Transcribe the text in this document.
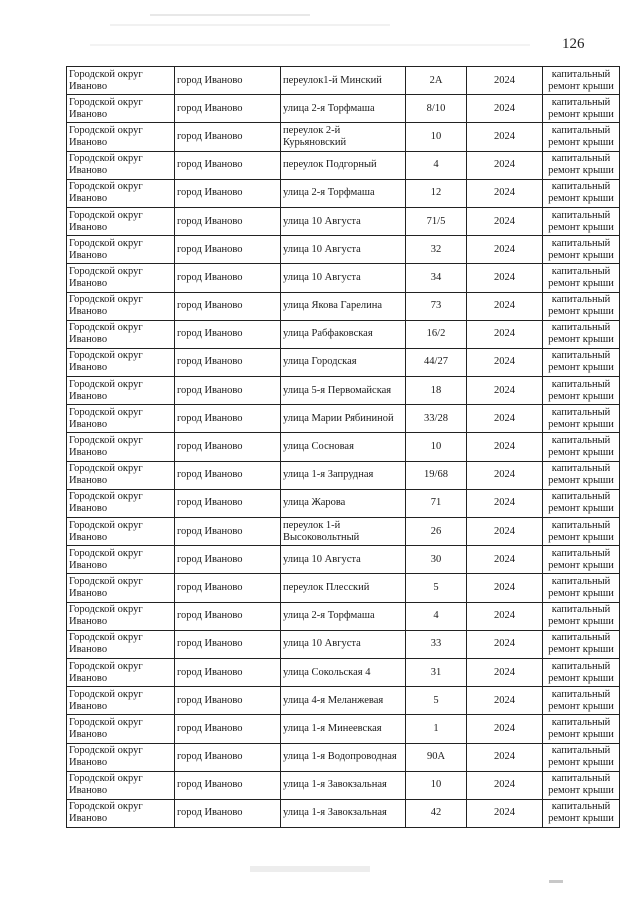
126
Городской округ Иваново	город Иваново	переулок1-й Минский	2А	2024	капитальный ремонт крыши
Городской округ Иваново	город Иваново	улица 2-я Торфмаша	8/10	2024	капитальный ремонт крыши
Городской округ Иваново	город Иваново	переулок 2-й Курьяновский	10	2024	капитальный ремонт крыши
Городской округ Иваново	город Иваново	переулок Подгорный	4	2024	капитальный ремонт крыши
Городской округ Иваново	город Иваново	улица 2-я Торфмаша	12	2024	капитальный ремонт крыши
Городской округ Иваново	город Иваново	улица 10 Августа	71/5	2024	капитальный ремонт крыши
Городской округ Иваново	город Иваново	улица 10 Августа	32	2024	капитальный ремонт крыши
Городской округ Иваново	город Иваново	улица 10 Августа	34	2024	капитальный ремонт крыши
Городской округ Иваново	город Иваново	улица Якова Гарелина	73	2024	капитальный ремонт крыши
Городской округ Иваново	город Иваново	улица Рабфаковская	16/2	2024	капитальный ремонт крыши
Городской округ Иваново	город Иваново	улица Городская	44/27	2024	капитальный ремонт крыши
Городской округ Иваново	город Иваново	улица 5-я Первомайская	18	2024	капитальный ремонт крыши
Городской округ Иваново	город Иваново	улица Марии Рябининой	33/28	2024	капитальный ремонт крыши
Городской округ Иваново	город Иваново	улица Сосновая	10	2024	капитальный ремонт крыши
Городской округ Иваново	город Иваново	улица 1-я Запрудная	19/68	2024	капитальный ремонт крыши
Городской округ Иваново	город Иваново	улица Жарова	71	2024	капитальный ремонт крыши
Городской округ Иваново	город Иваново	переулок 1-й Высоковольтный	26	2024	капитальный ремонт крыши
Городской округ Иваново	город Иваново	улица 10 Августа	30	2024	капитальный ремонт крыши
Городской округ Иваново	город Иваново	переулок Плесский	5	2024	капитальный ремонт крыши
Городской округ Иваново	город Иваново	улица 2-я Торфмаша	4	2024	капитальный ремонт крыши
Городской округ Иваново	город Иваново	улица 10 Августа	33	2024	капитальный ремонт крыши
Городской округ Иваново	город Иваново	улица Сокольская 4	31	2024	капитальный ремонт крыши
Городской округ Иваново	город Иваново	улица 4-я Меланжевая	5	2024	капитальный ремонт крыши
Городской округ Иваново	город Иваново	улица 1-я Минеевская	1	2024	капитальный ремонт крыши
Городской округ Иваново	город Иваново	улица 1-я Водопроводная	90А	2024	капитальный ремонт крыши
Городской округ Иваново	город Иваново	улица 1-я Завокзальная	10	2024	капитальный ремонт крыши
Городской округ Иваново	город Иваново	улица 1-я Завокзальная	42	2024	капитальный ремонт крыши
